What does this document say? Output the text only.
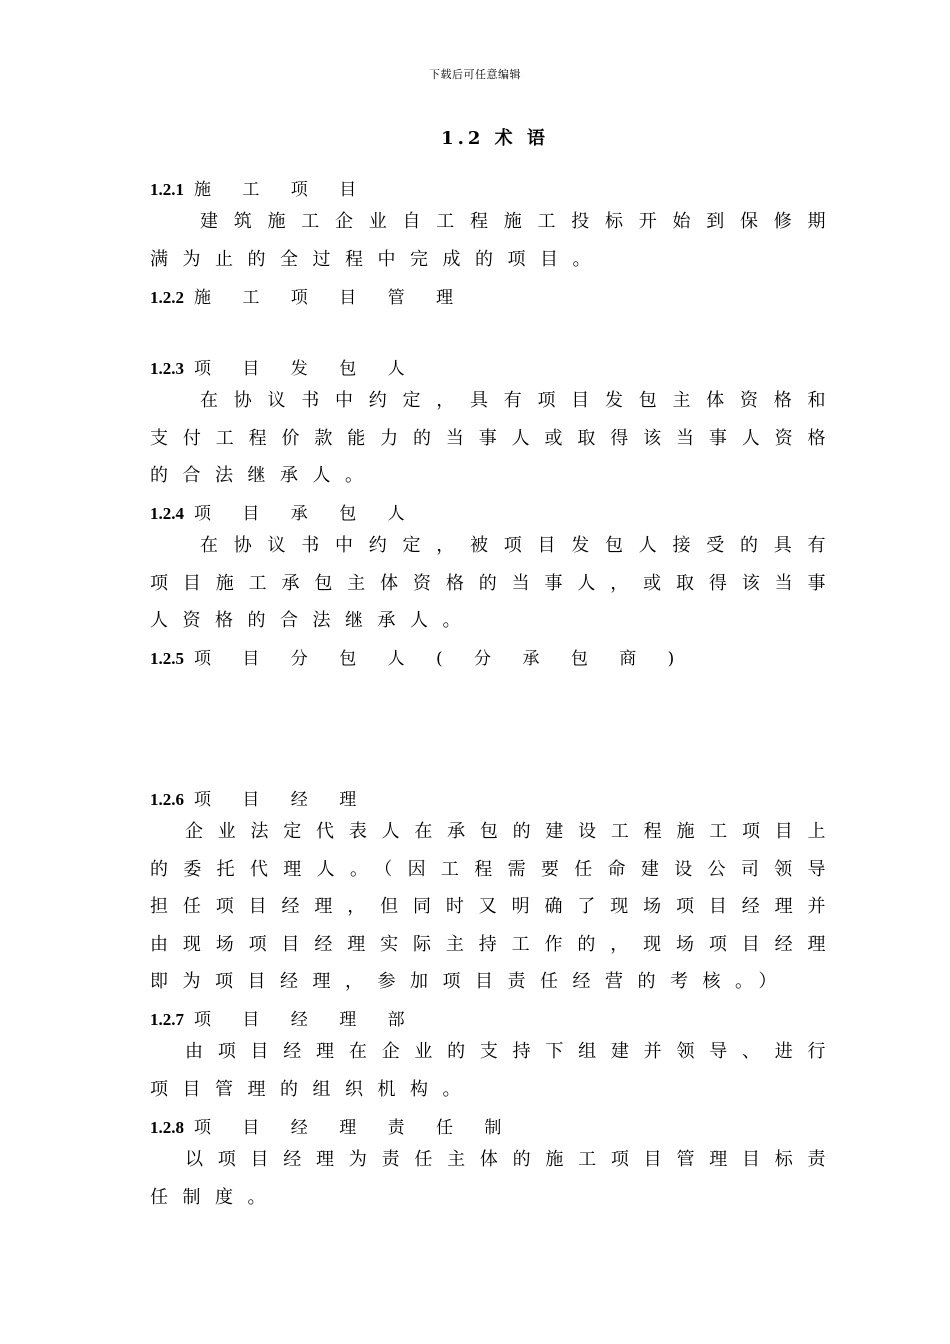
下载后可任意编辑
1.2 术 语
1.2.1 施 工 项 目
建筑施工企业自工程施工投标开始到保修期满为止的全过程中完成的项目。
1.2.2 施 工 项 目 管 理
1.2.3 项 目 发 包 人
在协议书中约定，具有项目发包主体资格和支付工程价款能力的当事人或取得该当事人资格的合法继承人。
1.2.4 项 目 承 包 人
在协议书中约定，被项目发包人接受的具有项目施工承包主体资格的当事人，或取得该当事人资格的合法继承人。
1.2.5 项 目 分 包 人 ( 分 承 包 商 )
1.2.6 项 目 经 理
企业法定代表人在承包的建设工程施工项目上的委托代理人。（因工程需要任命建设公司领导担任项目经理，但同时又明确了现场项目经理并由现场项目经理实际主持工作的，现场项目经理即为项目经理，参加项目责任经营的考核。）
1.2.7 项 目 经 理 部
由项目经理在企业的支持下组建并领导、进行项目管理的组织机构。
1.2.8 项 目 经 理 责 任 制
以项目经理为责任主体的施工项目管理目标责任制度。
